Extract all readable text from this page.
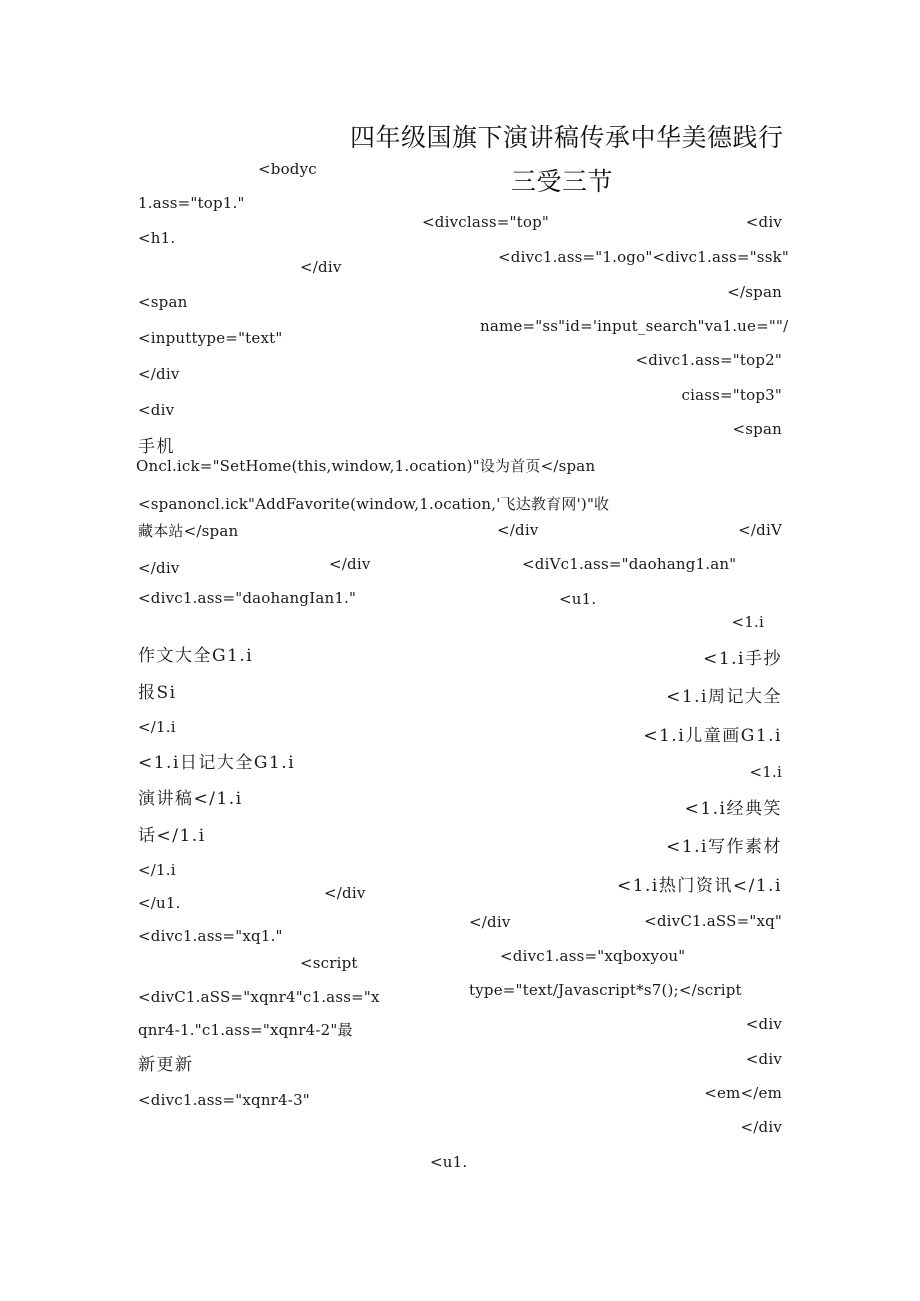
四年级国旗下演讲稿传承中华美德践行
三受三节
<bodyc
1.ass="top1."
<divclass="top"	<div
<h1.
<divc1.ass="1.ogo"<divc1.ass="ssk"
</div
</span
<span
name="ss"id='input_search"va1.ue=""/
<inputtype="text"
<divc1.ass="top2"
</div
ciass="top3"
<div
<span
手机
Oncl.ick="SetHome(this,window,1.ocation)"设为首页</span
<spanoncl.ick"AddFavorite(window,1.ocation,'飞达教育网')"收
藏本站</span	</div	</diV
<diVc1.ass="daohang1.an"
</div	</div
<divc1.ass="daohangIan1."	<u1.
<1.i
作文大全G1.i	<1.i手抄
报Si	<1.i周记大全
</1.i	<1.i儿童画G1.i
<1.i日记大全G1.i	<1.i
演讲稿</1.i	<1.i经典笑
话</1.i
<1.i写作素材
</1.i
<1.i热门资讯</1.i
</div
</u1.
</div	<divC1.aSS="xq"
<divc1.ass="xq1."
<divc1.ass="xqboxyou"
<script
type="text/Javascript*s7();</script
<divC1.aSS="xqnr4"c1.ass="x
<div
qnr4-1."c1.ass="xqnr4-2"最
<div
新更新
<em</em
<divc1.ass="xqnr4-3"
</div
<u1.
